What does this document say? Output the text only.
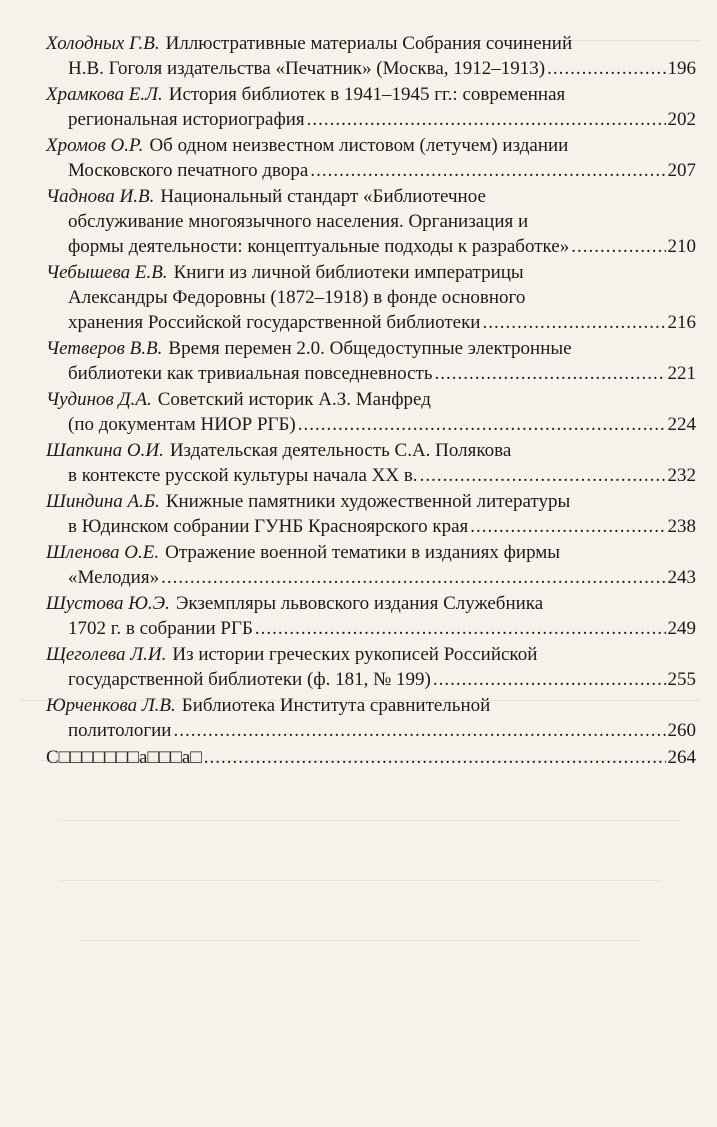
Холодных Г.В. Иллюстративные материалы Собрания сочинений
Н.В. Гоголя издательства «Печатник» (Москва, 1912–1913) .....	196
Храмкова Е.Л. История библиотек в 1941–1945 гг.: современная
региональная историография .....	202
Хромов О.Р. Об одном неизвестном листовом (летучем) издании
Московского печатного двора .....	207
Чаднова И.В. Национальный стандарт «Библиотечное
обслуживание многоязычного населения. Организация и
формы деятельности: концептуальные подходы к разработке» .....	210
Чебышева Е.В. Книги из личной библиотеки императрицы
Александры Федоровны (1872–1918) в фонде основного
хранения Российской государственной библиотеки .....	216
Четверов В.В. Время перемен 2.0. Общедоступные электронные
библиотеки как тривиальная повседневность .....	221
Чудинов Д.А. Советский историк А.З. Манфред
(по документам НИОР РГБ) .....	224
Шапкина О.И. Издательская деятельность С.А. Полякова
в контексте русской культуры начала XX в. .....	232
Шиндина А.Б. Книжные памятники художественной литературы
в Юдинском собрании ГУНБ Красноярского края .....	238
Шленова О.Е. Отражение военной тематики в изданиях фирмы
«Мелодия» .....	243
Шустова Ю.Э. Экземпляры львовского издания Служебника
1702 г. в собрании РГБ .....	249
Щеголева Л.И. Из истории греческих рукописей Российской
государственной библиотеки (ф. 181, № 199) .....	255
Юрченкова Л.В. Библиотека Института сравнительной
политологии .....	260
С□□□□□□□а□□□а□ .....	264
